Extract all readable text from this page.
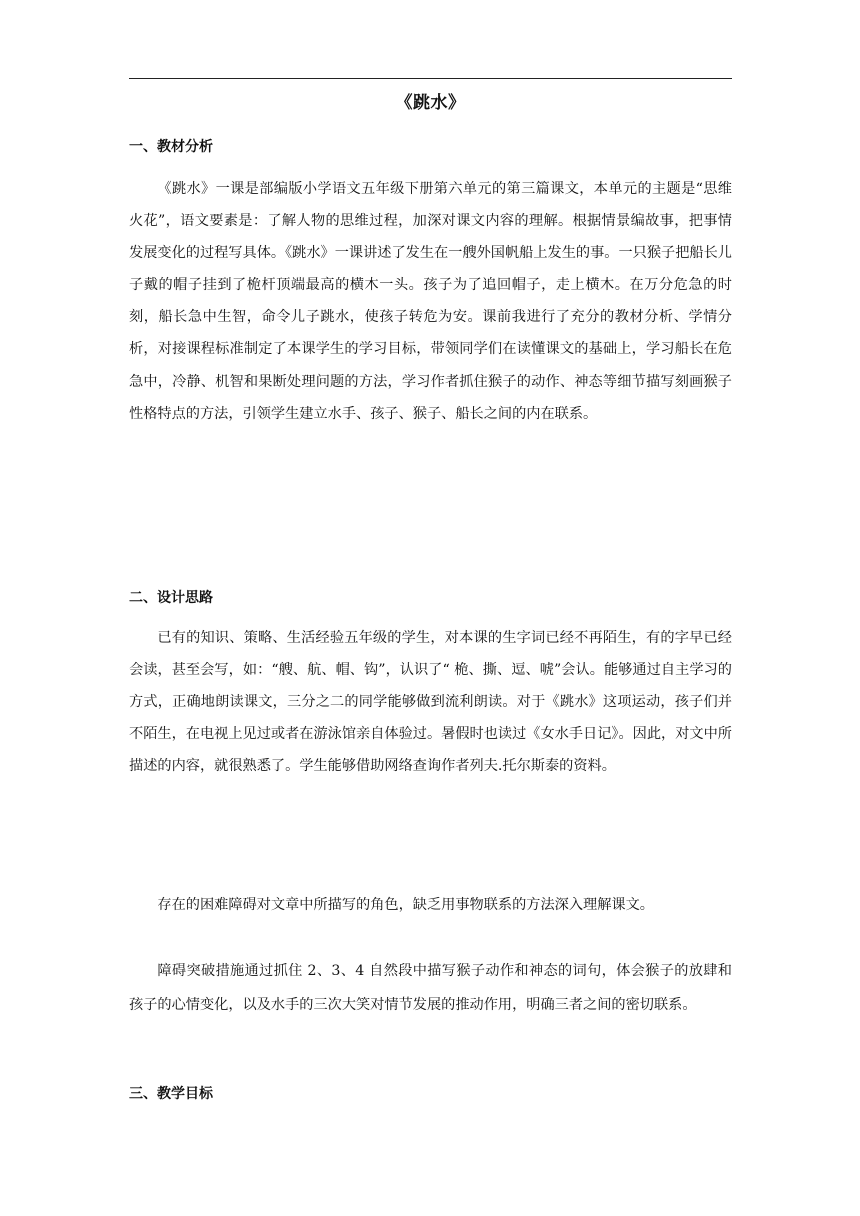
《跳水》
一、教材分析

《跳水》一课是部编版小学语文五年级下册第六单元的第三篇课文，本单元的主题是“思维火花”，语文要素是：了解人物的思维过程，加深对课文内容的理解。根据情景编故事，把事情发展变化的过程写具体。《跳水》一课讲述了发生在一艘外国帆船上发生的事。一只猴子把船长儿子戴的帽子挂到了桅杆顶端最高的横木一头。孩子为了追回帽子，走上横木。在万分危急的时刻，船长急中生智，命令儿子跳水，使孩子转危为安。课前我进行了充分的教材分析、学情分析，对接课程标准制定了本课学生的学习目标，带领同学们在读懂课文的基础上，学习船长在危急中，冷静、机智和果断处理问题的方法，学习作者抓住猴子的动作、神态等细节描写刻画猴子性格特点的方法，引领学生建立水手、孩子、猴子、船长之间的内在联系。

二、设计思路

已有的知识、策略、生活经验五年级的学生，对本课的生字词已经不再陌生，有的字早已经会读，甚至会写，如：“艘、航、帽、钩”，认识了“ 桅、撕、逗、唬”会认。能够通过自主学习的方式，正确地朗读课文，三分之二的同学能够做到流利朗读。对于《跳水》这项运动，孩子们并不陌生，在电视上见过或者在游泳馆亲自体验过。暑假时也读过《女水手日记》。因此，对文中所描述的内容，就很熟悉了。学生能够借助网络查询作者列夫.托尔斯泰的资料。

存在的困难障碍对文章中所描写的角色，缺乏用事物联系的方法深入理解课文。

障碍突破措施通过抓住 2、3、4 自然段中描写猴子动作和神态的词句，体会猴子的放肆和孩子的心情变化，以及水手的三次大笑对情节发展的推动作用，明确三者之间的密切联系。

三、教学目标
